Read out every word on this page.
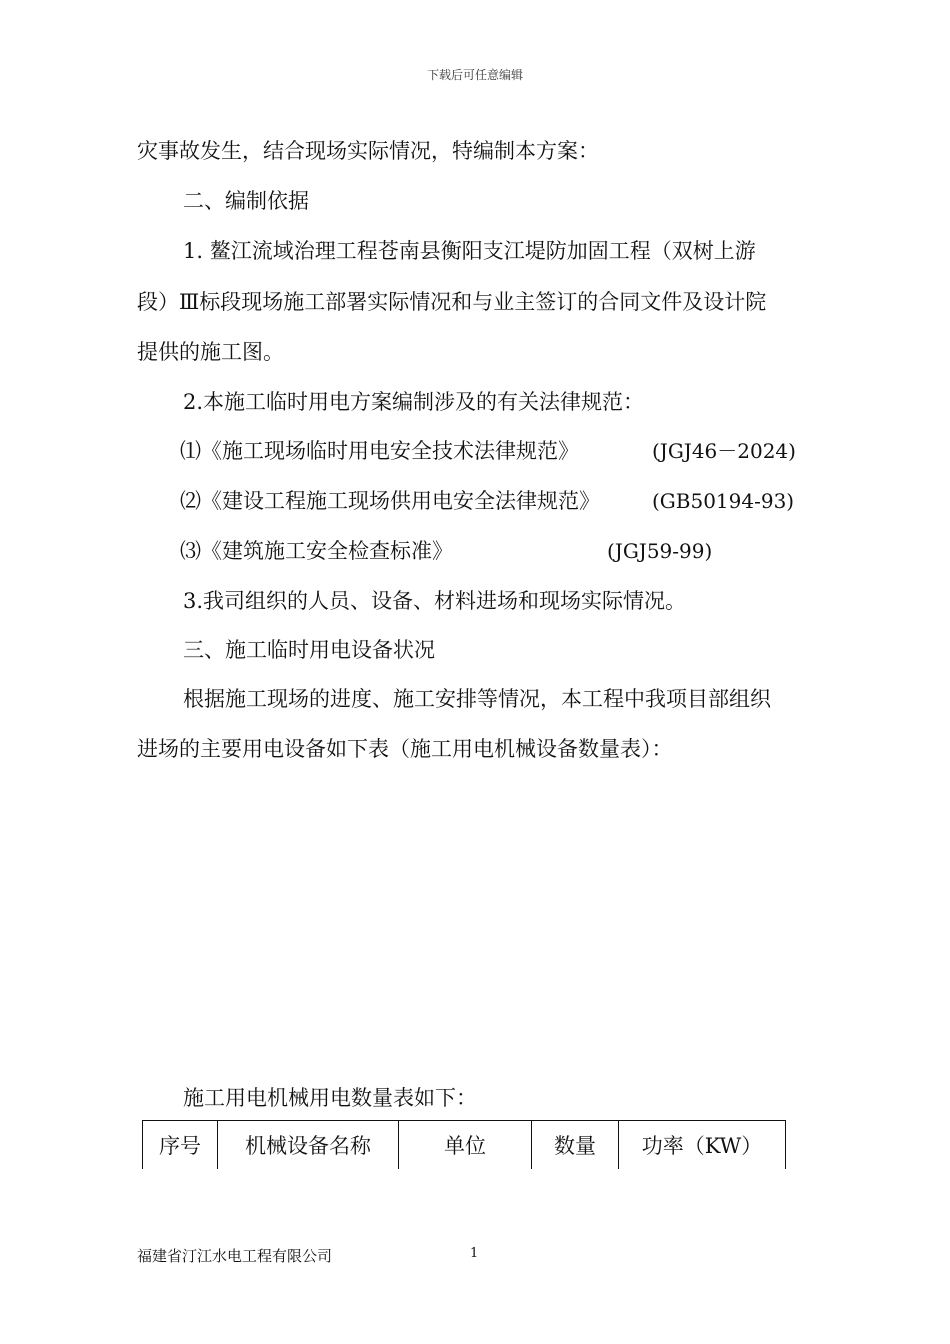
下载后可任意编辑
灾事故发生，结合现场实际情况，特编制本方案：
二、编制依据
1. 鳌江流域治理工程苍南县衡阳支江堤防加固工程（双树上游
段）Ⅲ标段现场施工部署实际情况和与业主签订的合同文件及设计院
提供的施工图。
2.本施工临时用电方案编制涉及的有关法律规范：
⑴《施工现场临时用电安全技术法律规范》	(JGJ46－2024)
⑵《建设工程施工现场供用电安全法律规范》	(GB50194-93)
⑶《建筑施工安全检查标准》	(JGJ59-99)
3.我司组织的人员、设备、材料进场和现场实际情况。
三、施工临时用电设备状况
根据施工现场的进度、施工安排等情况，本工程中我项目部组织
进场的主要用电设备如下表（施工用电机械设备数量表）：
施工用电机械用电数量表如下：
序号	机械设备名称	单位	数量	功率（KW）
福建省汀江水电工程有限公司	1
